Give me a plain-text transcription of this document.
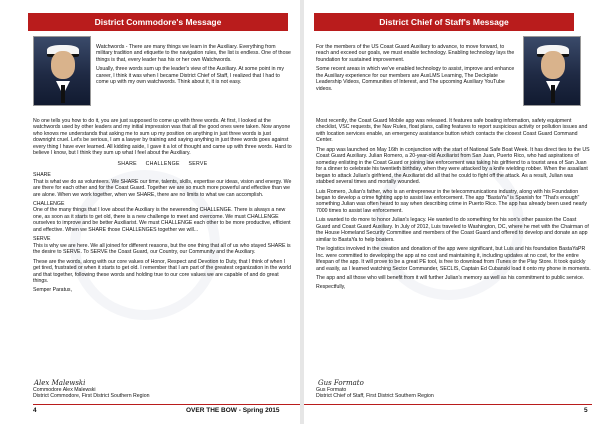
District Commodore's Message

Watchwords - There are many things we learn in the Auxiliary. Everything from military tradition and etiquette to the navigation rules, the list is endless. One of those things is that, every leader has his or her own Watchwords.

Usually, three words sum up the leader's view of the Auxiliary. At some point in my career, I think it was when I became District Chief of Staff, I realized that I had to come up with my own watchwords. Think about it, it is not easy.

No one tells you how to do it, you are just supposed to come up with three words. At first, I looked at the watchwords used by other leaders and my initial impression was that all the good ones were taken. Now anyone who knows me understands that asking me to sum up my position on anything in just three words is just downright cruel. Let's be serious, I am a lawyer by training and saying anything in just three words goes against every thing I have ever learned. All kidding aside, I gave it a lot of thought and came up with three words. Hard to believe I know, but I think they sum up what I feel about the Auxiliary.

SHARE     CHALLENGE     SERVE

SHARE

That is what we do as volunteers. We SHARE our time, talents, skills, expertise our ideas, vision and energy. We are there for each other and for the Coast Guard. Together we are so much more powerful and effective than we are alone. When we work together, when we SHARE, there are no limits to what we can accomplish.

CHALLENGE

One of the many things that I love about the Auxiliary is the neverending CHALLENGE. There is always a new one, as soon as it starts to get old, there is a new challenge to meet and overcome. We must CHALLENGE ourselves to improve and be better Auxiliarist. We must CHALLENGE each other to be more productive, efficient and effective. When we SHARE those CHALLENGES together we will...

SERVE

This is why we are here. We all joined for different reasons, but the one thing that all of us who stayed SHARE is the desire to SERVE. To SERVE the Coast Guard, our Country, our Community and the Auxiliary.

These are the words, along with our core values of Honor, Respect and Devotion to Duty, that I think of when I get tired, frustrated or when it starts to get old. I remember that I am part of the greatest organization in the world and that together, following these words and holding true to our core values we are capable of and do great things.

Semper Paratus,

Alex Malewski
Commodore Alex Malewski
District Commodore, First District Southern Region
4	OVER THE BOW - Spring 2015
District Chief of Staff's Message

For the members of the US Coast Guard Auxiliary to advance, to move forward, to reach and exceed our goals, we must enable technology. Enabling technology lays the foundation for sustained improvement.

Some recent areas in which we've enabled technology to assist, improve and enhance the Auxiliary experience for our members are AuxLMS Learning, The Deckplate Leadership Videos, Communities of Interest, and The upcoming Auxiliary YouTube videos.

Most recently, the Coast Guard Mobile app was released. It features safe boating information, safety equipment checklist, VSC requests, the Nav Rules, float plans, calling features to report suspicious activity or pollution issues and with location services enable, an emergency assistance button which contacts the closest Coast Guard Command Center.

The app was launched on May 16th in conjunction with the start of National Safe Boat Week. It has direct ties to the US Coast Guard Auxiliary. Julian Romero, a 20-year-old Auxiliarist from San Juan, Puerto Rico, who had aspirations of someday enlisting in the Coast Guard or joining law enforcement was taking his girlfriend to a tourist area of San Juan for a dinner to celebrate his twentieth birthday, when they were attacked by a knife wielding robber. When the assailant began to attack Julian's girlfriend, the Auxiliarist did all that he could to fight off the attack. As a result, Julian was stabbed several times and mortally wounded.

Luis Romero, Julian's father, who is an entrepreneur in the telecommunications industry, along with his Foundation began to develop a crime fighting app to assist law enforcement. The app "BastaYa" is Spanish for "That's enough" something Julian was often heard to say when describing crime in Puerto Rico. The app has already been used nearly 7000 times to assist law enforcement.

Luis wanted to do more to honor Julian's legacy. He wanted to do something for his son's other passion the Coast Guard and Coast Guard Auxiliary. In July of 2012, Luis traveled to Washington, DC, where he met with the Chairman of the House Homeland Security Committee and members of the Coast Guard and offered to develop and donate an app similar to BastaYa to help boaters.

The logistics involved in the creation and donation of the app were significant, but Luis and his foundation BastaYaPR Inc. were committed to developing the app at no cost and maintaining it, including updates at no cost, for the entire lifespan of the app. It will prove to be a great PE tool, is free to download from iTunes or the Play Store. It took quickly and easily, as I learned watching Sector Commander, SECLIS, Captain Ed Cubanski load it onto my phone in moments.

The app and all those who will benefit from it will further Julian's memory as well as his commitment to public service.

Respectfully,

Gus Formato
Gus Formato
District Chief of Staff, First District Southern Region
5
